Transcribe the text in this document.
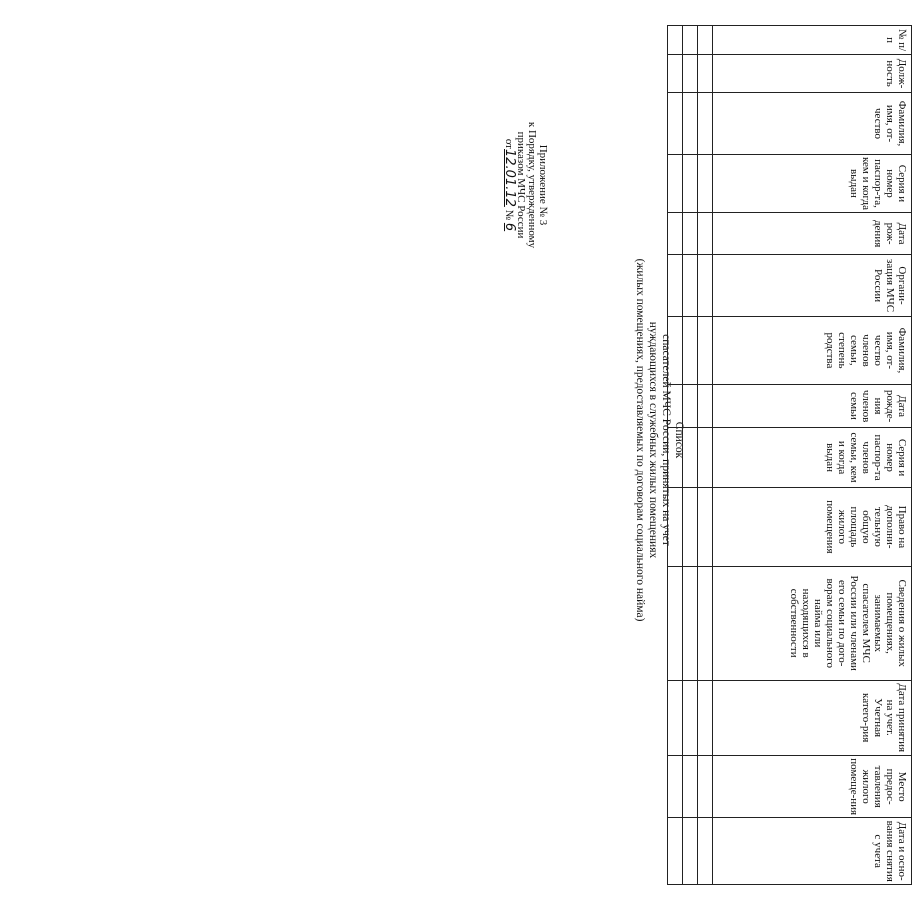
Приложение № 3
к Порядку, утвержденному
приказом МЧС России
от12.01.12 № 6
Список
спасателей МЧС России, принятых на учет
нуждающихся в служебных жилых помещениях
(жилых помещениях, предоставляемых по договорам социального найма)
№ п/п	Долж-ность	Фамилия, имя, от-чество	Серия и номер паспор-та, кем и когда выдан	Дата рож-дения	Органи-зация МЧС России	Фамилия, имя, от-чество членов семьи, степень родства	Дата рожде-ния членов семьи	Серия и номер паспор-та членов семьи, кем и когда выдан	Право на дополни-тельную общую площадь жилого помещения	Сведения о жилых помещениях, занимаемых спасателем МЧС России или членами его семьи по дого-ворам социального найма или находящихся в собственности	Дата принятия на учет. Учетная катего-рия	Место предос-тавления жилого помеще-ния	Дата и осно-вания снятия с учета
